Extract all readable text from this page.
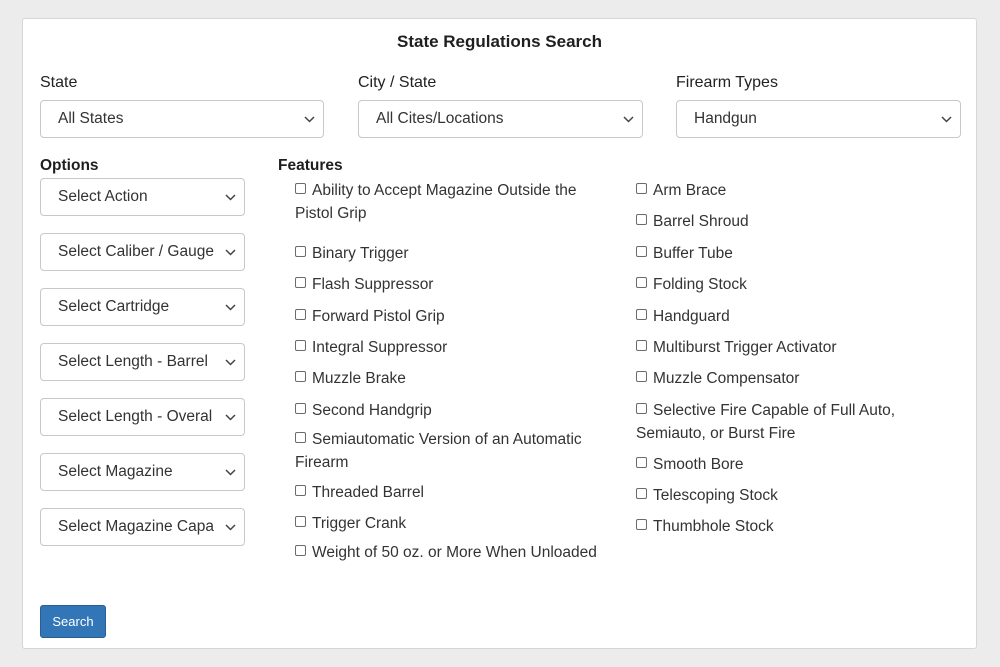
State Regulations Search
State
All States
City / State
All Cites/Locations
Firearm Types
Handgun
Options
Select Action
Select Caliber / Gauge
Select Cartridge
Select Length - Barrel
Select Length - Overal
Select Magazine
Select Magazine Capa
Features
Ability to Accept Magazine Outside the Pistol Grip
Binary Trigger
Flash Suppressor
Forward Pistol Grip
Integral Suppressor
Muzzle Brake
Second Handgrip
Semiautomatic Version of an Automatic Firearm
Threaded Barrel
Trigger Crank
Weight of 50 oz. or More When Unloaded
Arm Brace
Barrel Shroud
Buffer Tube
Folding Stock
Handguard
Multiburst Trigger Activator
Muzzle Compensator
Selective Fire Capable of Full Auto, Semiauto, or Burst Fire
Smooth Bore
Telescoping Stock
Thumbhole Stock
Search
